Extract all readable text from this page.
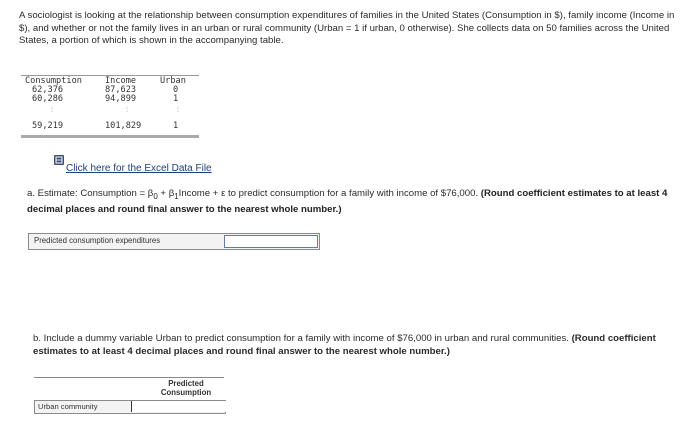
A sociologist is looking at the relationship between consumption expenditures of families in the United States (Consumption in $), family income (Income in $), and whether or not the family lives in an urban or rural community (Urban = 1 if urban, 0 otherwise). She collects data on 50 families across the United States, a portion of which is shown in the accompanying table.
Consumption	Income	Urban
62,376	87,623	0
60,286	94,899	1
⋮	⋮	⋮
59,219	101,829	1
Click here for the Excel Data File
a. Estimate: Consumption = $\beta_0$ + $\beta_1Income + \varepsilon$ to predict consumption for a family with income of $76,000. (Round coefficient estimates to at least 4 decimal places and round final answer to the nearest whole number.)
Predicted consumption expenditures
b. Include a dummy variable Urban to predict consumption for a family with income of $76,000 in urban and rural communities. (Round coefficient estimates to at least 4 decimal places and round final answer to the nearest whole number.)
Predicted Consumption
Urban community
